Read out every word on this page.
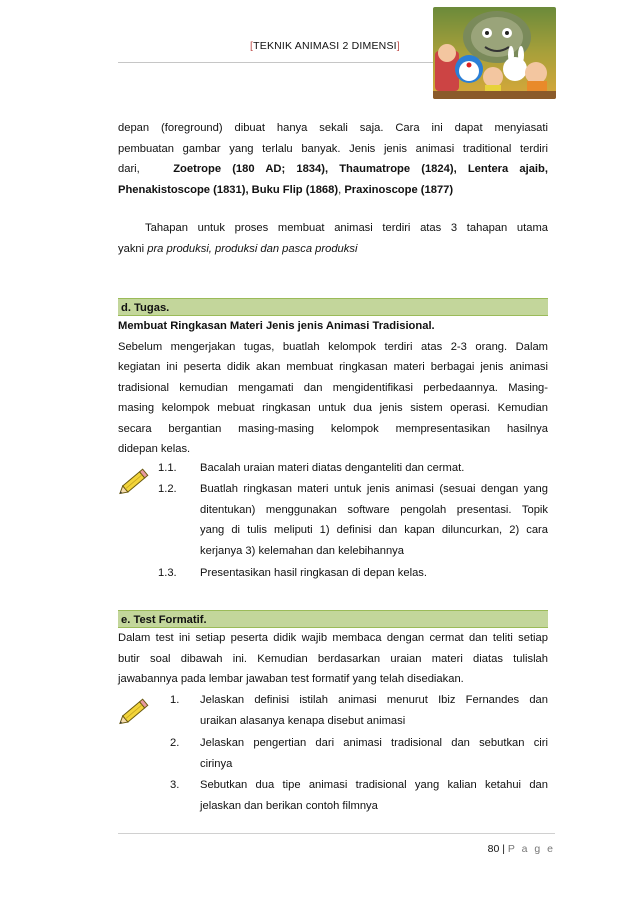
[TEKNIK ANIMASI 2 DIMENSI]
depan (foreground) dibuat hanya sekali saja. Cara ini dapat menyiasati
pembuatan gambar yang terlalu banyak. Jenis jenis animasi traditional terdiri
dari,	Zoetrope (180 AD; 1834), Thaumatrope (1824), Lentera ajaib,
Phenakistoscope (1831), Buku Flip (1868), Praxinoscope (1877)
Tahapan untuk proses membuat animasi terdiri atas 3 tahapan utama
yakni pra produksi, produksi dan pasca produksi
d. Tugas.
Membuat Ringkasan Materi Jenis jenis Animasi Tradisional.
Sebelum mengerjakan tugas, buatlah kelompok terdiri atas 2-3 orang. Dalam
kegiatan ini peserta didik akan membuat ringkasan materi berbagai jenis animasi
tradisional kemudian mengamati dan mengidentifikasi perbedaannya. Masing-
masing kelompok mebuat ringkasan untuk dua jenis sistem operasi. Kemudian
secara bergantian masing-masing kelompok mempresentasikan hasilnya
didepan kelas.
1.1. Bacalah uraian materi diatas denganteliti dan cermat.
1.2. Buatlah ringkasan materi untuk jenis animasi (sesuai dengan yang
ditentukan) menggunakan software pengolah presentasi. Topik
yang di tulis meliputi 1) definisi dan kapan diluncurkan, 2) cara
kerjanya 3) kelemahan dan kelebihannya
1.3. Presentasikan hasil ringkasan di depan kelas.
e. Test Formatif.
Dalam test ini setiap peserta didik wajib membaca dengan cermat dan teliti setiap
butir soal dibawah ini. Kemudian berdasarkan uraian materi diatas tulislah
jawabannya pada lembar jawaban test formatif yang telah disediakan.
1. Jelaskan definisi istilah animasi menurut Ibiz Fernandes dan
uraikan alasanya kenapa disebut animasi
2. Jelaskan pengertian dari animasi tradisional dan sebutkan ciri
cirinya
3. Sebutkan dua tipe animasi tradisional yang kalian ketahui dan
jelaskan dan berikan contoh filmnya
80 | P a g e
